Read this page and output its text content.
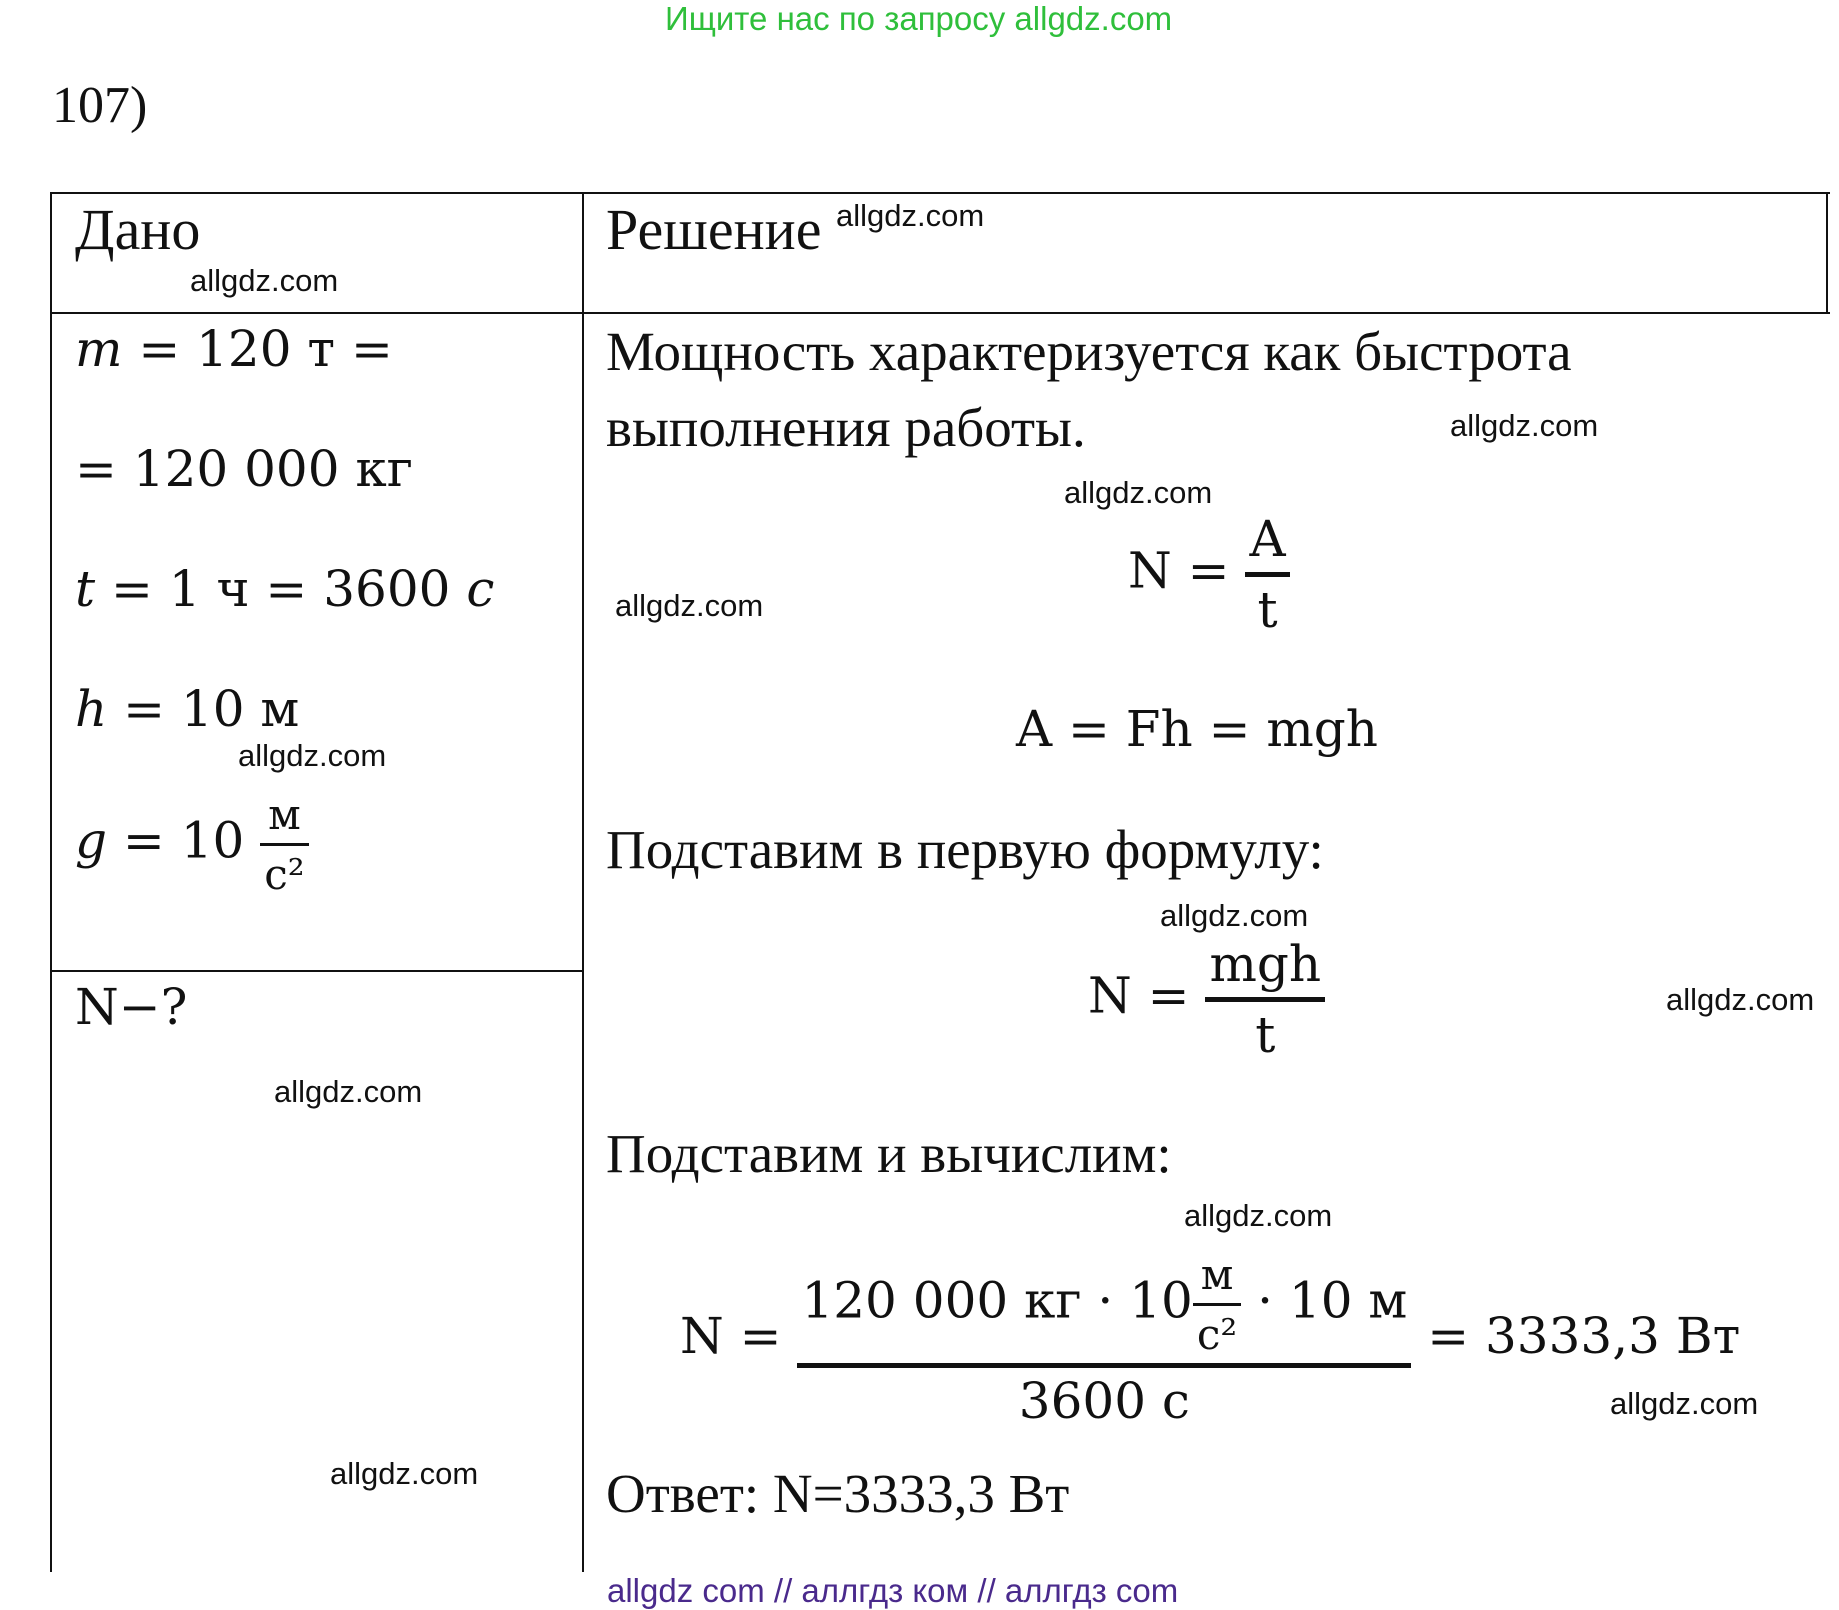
Ищите нас по запросу allgdz.com
allgdz com // аллгдз ком // аллгдз com
107)
Дано
m = 120 т =
= 120 000 кг
t = 1 ч = 3600 с
h = 10 м
$g = 10 \frac{м}{\text{с²}}$
N−?
Решение
Мощность характеризуется как быстрота
выполнения работы.
$N = \frac{A}{t}$
A = Fh = mgh
Подставим в первую формулу:
$N = \frac{\text{mgh}}{t}$
Подставим и вычислим:
$N = \frac{120 000 кг \cdot 10 \frac{м}{\text{с²}} \cdot 10 м}{3600 с} = 3333,3$ Вт
Ответ: N=3333,3 Вт
allgdz.com
allgdz.com
allgdz.com
allgdz.com
allgdz.com
allgdz.com
allgdz.com
allgdz.com
allgdz.com
allgdz.com
allgdz.com
allgdz.com
